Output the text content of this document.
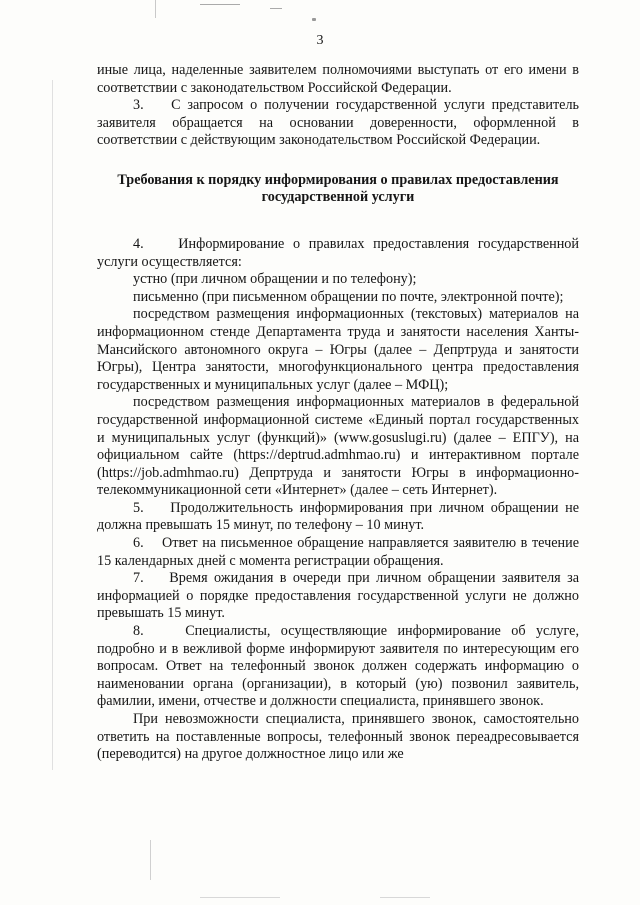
3

иные лица, наделенные заявителем полномочиями выступать от его имени в соответствии с законодательством Российской Федерации.

3.    С запросом о получении государственной услуги представитель заявителя обращается на основании доверенности, оформленной в соответствии с действующим законодательством Российской Федерации.

Требования к порядку информирования о правилах предоставления государственной услуги

4.    Информирование о правилах предоставления государственной услуги осуществляется:

устно (при личном обращении и по телефону);

письменно (при письменном обращении по почте, электронной почте);

посредством размещения информационных (текстовых) материалов на информационном стенде Департамента труда и занятости населения Ханты-Мансийского автономного округа – Югры (далее – Депртруда и занятости Югры), Центра занятости, многофункционального центра предоставления государственных и муниципальных услуг (далее – МФЦ);

посредством размещения информационных материалов в федеральной государственной информационной системе «Единый портал государственных и муниципальных услуг (функций)» (www.gosuslugi.ru) (далее – ЕПГУ), на официальном сайте (https://deptrud.admhmao.ru) и интерактивном портале (https://job.admhmao.ru) Депртруда и занятости Югры в информационно-телекоммуникационной сети «Интернет» (далее – сеть Интернет).

5.    Продолжительность информирования при личном обращении не должна превышать 15 минут, по телефону – 10 минут.

6.    Ответ на письменное обращение направляется заявителю в течение 15 календарных дней с момента регистрации обращения.

7.    Время ожидания в очереди при личном обращении заявителя за информацией о порядке предоставления государственной услуги не должно превышать 15 минут.

8.    Специалисты, осуществляющие информирование об услуге, подробно и в вежливой форме информируют заявителя по интересующим его вопросам. Ответ на телефонный звонок должен содержать информацию о наименовании органа (организации), в который (ую) позвонил заявитель, фамилии, имени, отчестве и должности специалиста, принявшего звонок.

При невозможности специалиста, принявшего звонок, самостоятельно ответить на поставленные вопросы, телефонный звонок переадресовывается (переводится) на другое должностное лицо или же
